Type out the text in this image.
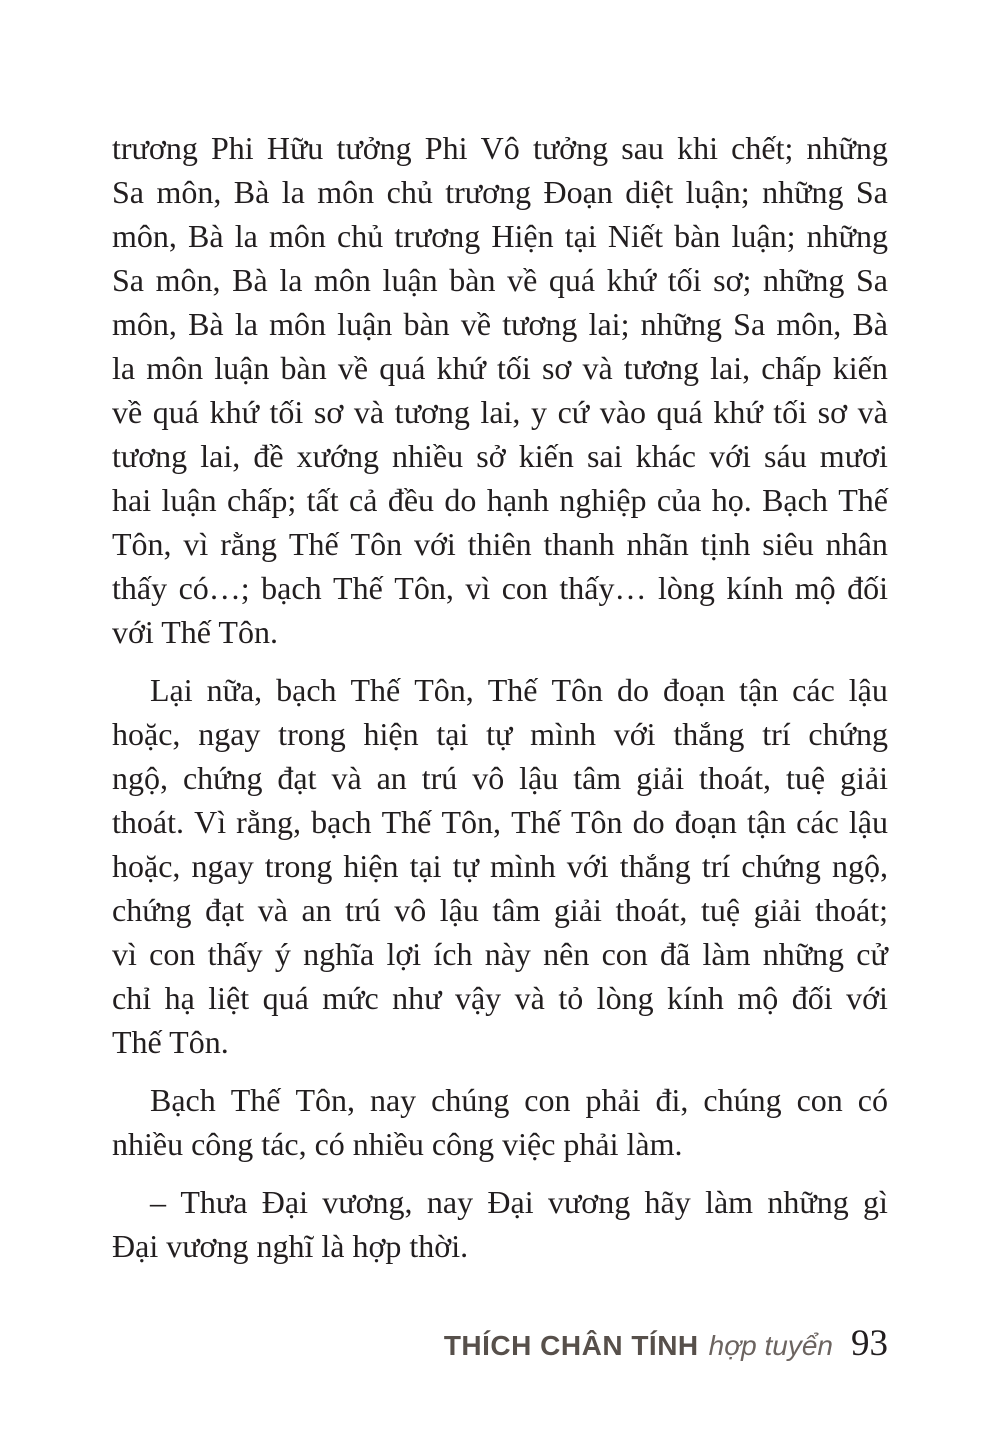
trương Phi Hữu tưởng Phi Vô tưởng sau khi chết; những
Sa môn, Bà la môn chủ trương Đoạn diệt luận; những Sa
môn, Bà la môn chủ trương Hiện tại Niết bàn luận; những
Sa môn, Bà la môn luận bàn về quá khứ tối sơ; những Sa
môn, Bà la môn luận bàn về tương lai; những Sa môn, Bà
la môn luận bàn về quá khứ tối sơ và tương lai, chấp kiến
về quá khứ tối sơ và tương lai, y cứ vào quá khứ tối sơ và
tương lai, đề xướng nhiều sở kiến sai khác với sáu mươi
hai luận chấp; tất cả đều do hạnh nghiệp của họ. Bạch Thế
Tôn, vì rằng Thế Tôn với thiên thanh nhãn tịnh siêu nhân
thấy có…; bạch Thế Tôn, vì con thấy… lòng kính mộ đối
với Thế Tôn.
Lại nữa, bạch Thế Tôn, Thế Tôn do đoạn tận các lậu
hoặc, ngay trong hiện tại tự mình với thắng trí chứng
ngộ, chứng đạt và an trú vô lậu tâm giải thoát, tuệ giải
thoát. Vì rằng, bạch Thế Tôn, Thế Tôn do đoạn tận các lậu
hoặc, ngay trong hiện tại tự mình với thắng trí chứng ngộ,
chứng đạt và an trú vô lậu tâm giải thoát, tuệ giải thoát;
vì con thấy ý nghĩa lợi ích này nên con đã làm những cử
chỉ hạ liệt quá mức như vậy và tỏ lòng kính mộ đối với
Thế Tôn.
Bạch Thế Tôn, nay chúng con phải đi, chúng con có
nhiều công tác, có nhiều công việc phải làm.
– Thưa Đại vương, nay Đại vương hãy làm những gì
Đại vương nghĩ là hợp thời.
THÍCH CHÂN TÍNH hợp tuyển 93
